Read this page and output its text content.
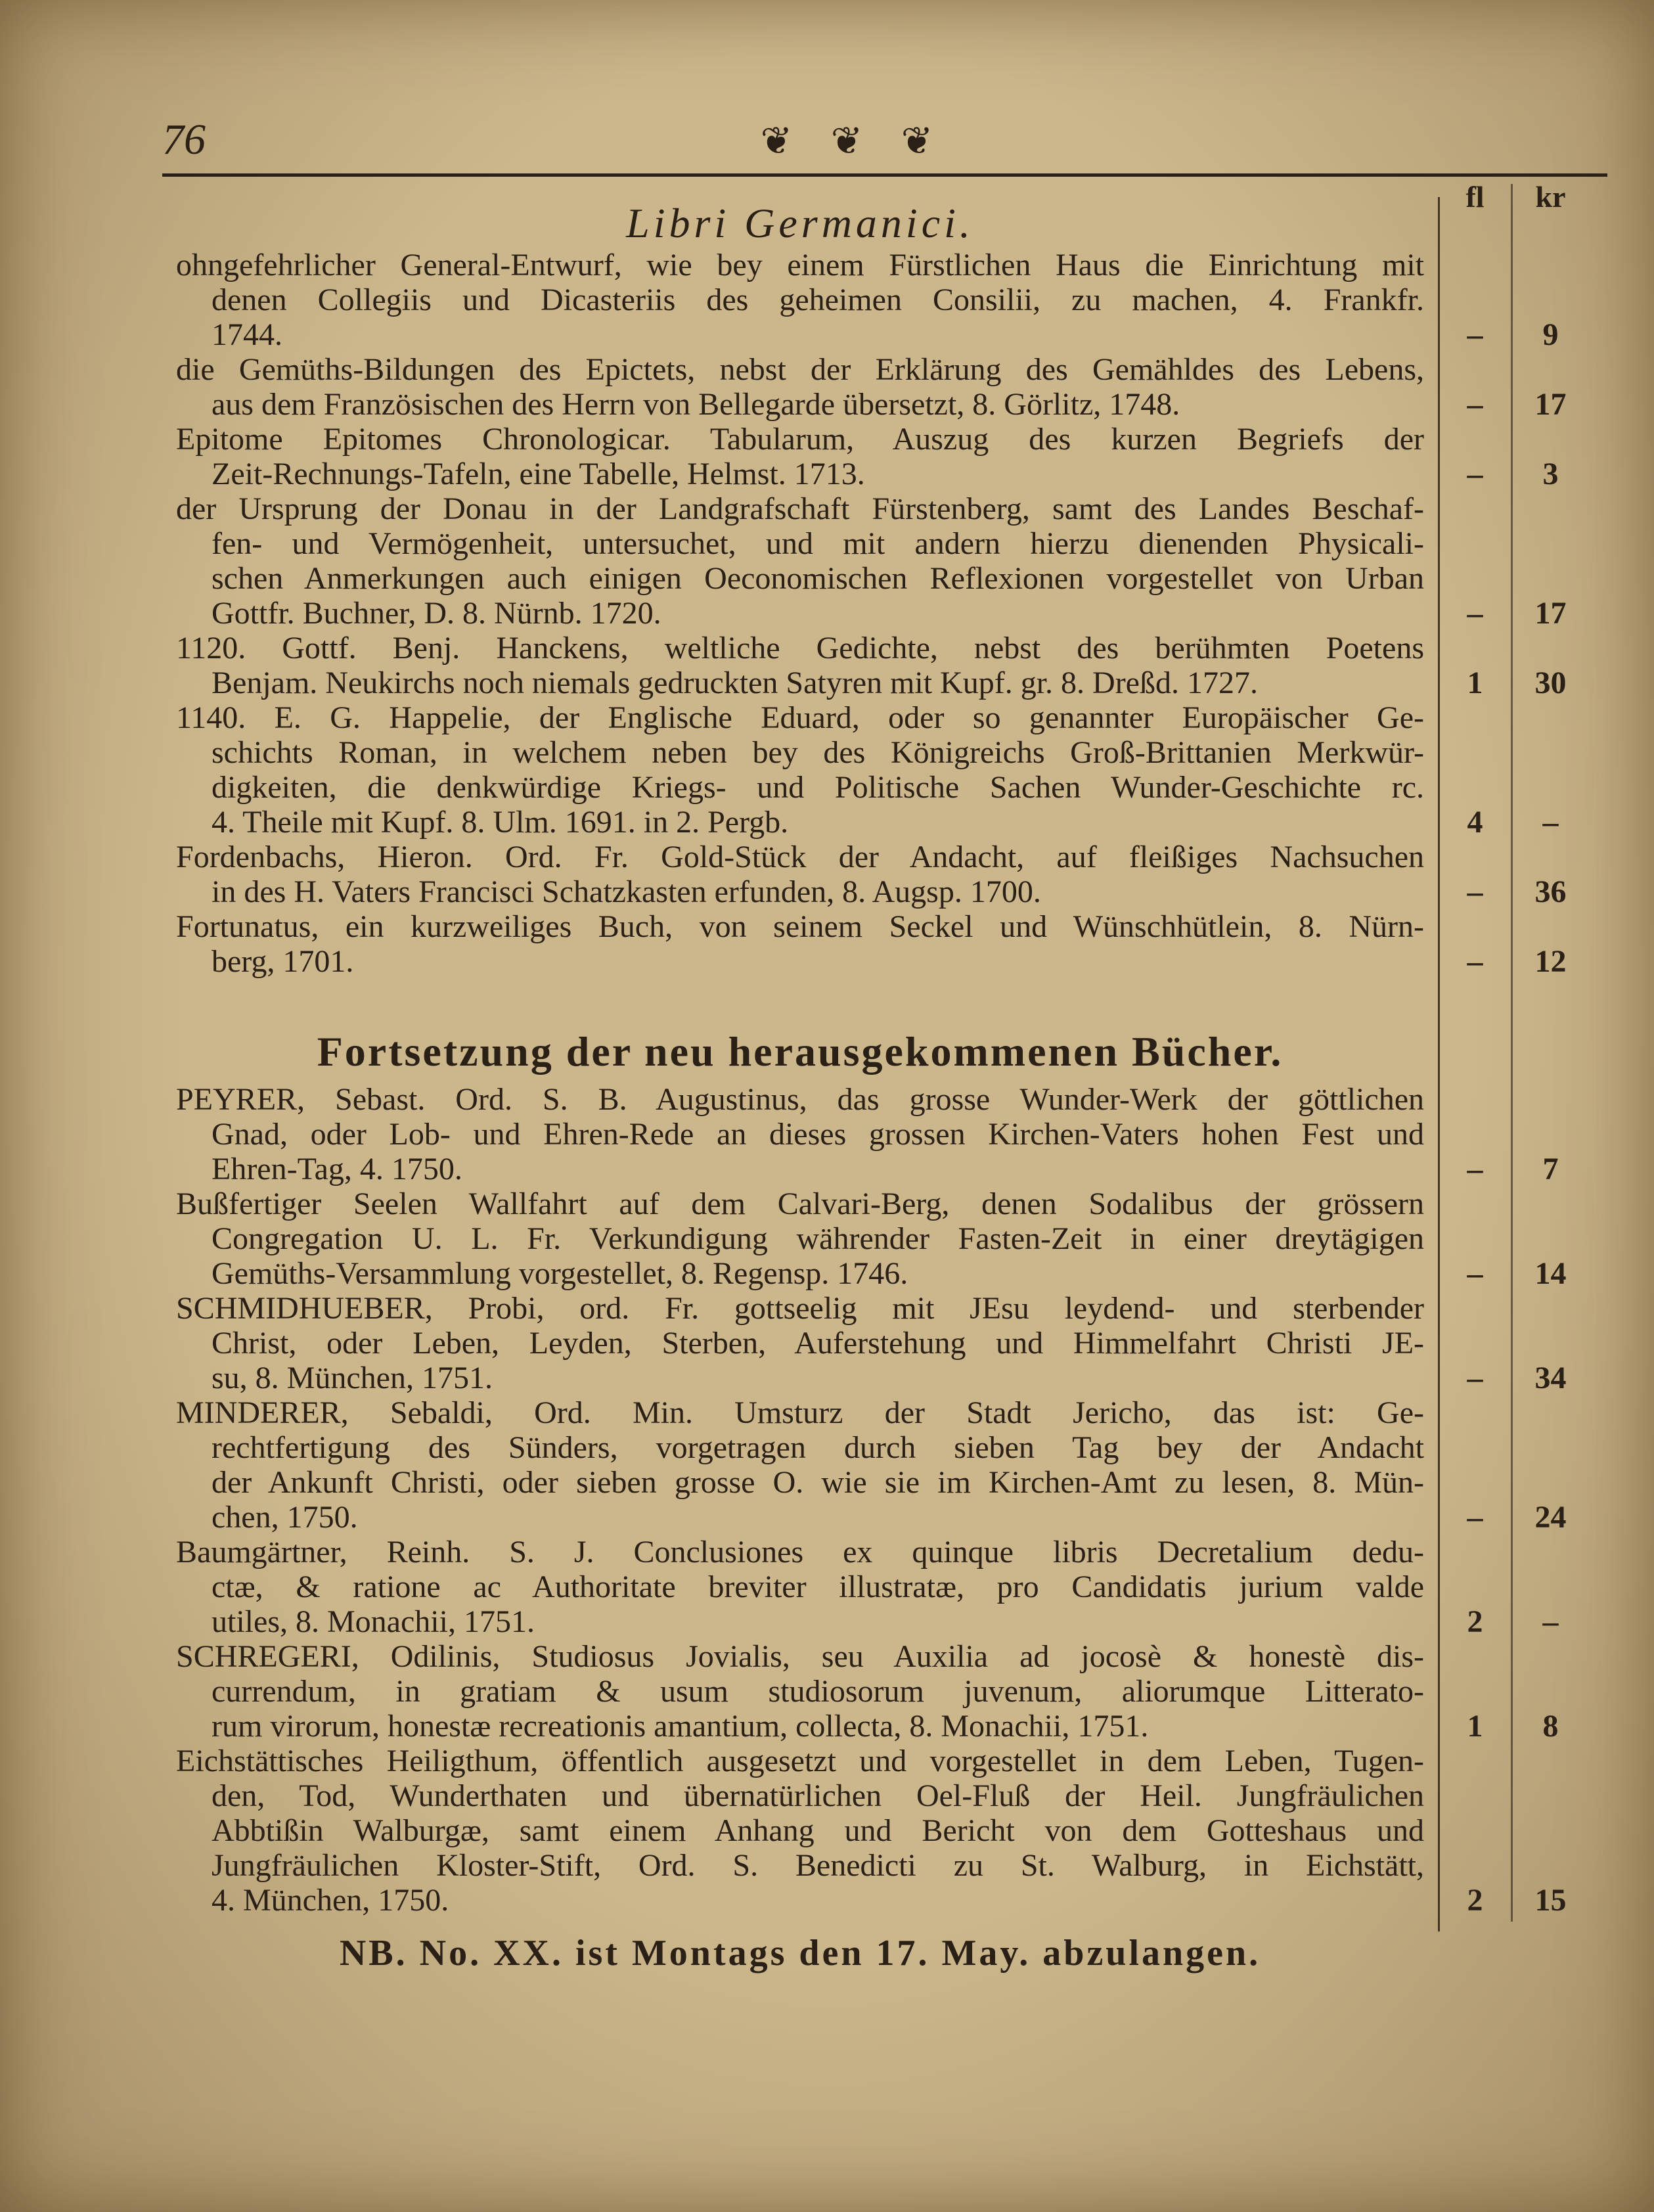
76	❦ ❦ ❦
fl	kr
Libri Germanici.
ohngefehrlicher General-Entwurf, wie bey einem Fürstlichen Haus die Einrichtung mit
denen Collegiis und Dicasteriis des geheimen Consilii, zu machen, 4. Frankfr.
1744.	–	9
die Gemüths-Bildungen des Epictets, nebst der Erklärung des Gemähldes des Lebens,
aus dem Französischen des Herrn von Bellegarde übersetzt, 8. Görlitz, 1748.	–	17
Epitome Epitomes Chronologicar. Tabularum, Auszug des kurzen Begriefs der
Zeit-Rechnungs-Tafeln, eine Tabelle, Helmst. 1713.	–	3
der Ursprung der Donau in der Landgrafschaft Fürstenberg, samt des Landes Beschaf-
fen- und Vermögenheit, untersuchet, und mit andern hierzu dienenden Physicali-
schen Anmerkungen auch einigen Oeconomischen Reflexionen vorgestellet von Urban
Gottfr. Buchner, D. 8. Nürnb. 1720.	–	17
1120. Gottf. Benj. Hanckens, weltliche Gedichte, nebst des berühmten Poetens
Benjam. Neukirchs noch niemals gedruckten Satyren mit Kupf. gr. 8. Dreßd. 1727.	1	30
1140. E. G. Happelie, der Englische Eduard, oder so genannter Europäischer Ge-
schichts Roman, in welchem neben bey des Königreichs Groß-Brittanien Merkwür-
digkeiten, die denkwürdige Kriegs- und Politische Sachen Wunder-Geschichte rc.
4. Theile mit Kupf. 8. Ulm. 1691. in 2. Pergb.	4	–
Fordenbachs, Hieron. Ord. Fr. Gold-Stück der Andacht, auf fleißiges Nachsuchen
in des H. Vaters Francisci Schatzkasten erfunden, 8. Augsp. 1700.	–	36
Fortunatus, ein kurzweiliges Buch, von seinem Seckel und Wünschhütlein, 8. Nürn-
berg, 1701.	–	12
Fortsetzung der neu herausgekommenen Bücher.
PEYRER, Sebast. Ord. S. B. Augustinus, das grosse Wunder-Werk der göttlichen
Gnad, oder Lob- und Ehren-Rede an dieses grossen Kirchen-Vaters hohen Fest und
Ehren-Tag, 4. 1750.	–	7
Bußfertiger Seelen Wallfahrt auf dem Calvari-Berg, denen Sodalibus der grössern
Congregation U. L. Fr. Verkundigung währender Fasten-Zeit in einer dreytägigen
Gemüths-Versammlung vorgestellet, 8. Regensp. 1746.	–	14
SCHMIDHUEBER, Probi, ord. Fr. gottseelig mit JEsu leydend- und sterbender
Christ, oder Leben, Leyden, Sterben, Auferstehung und Himmelfahrt Christi JE-
su, 8. München, 1751.	–	34
MINDERER, Sebaldi, Ord. Min. Umsturz der Stadt Jericho, das ist: Ge-
rechtfertigung des Sünders, vorgetragen durch sieben Tag bey der Andacht
der Ankunft Christi, oder sieben grosse O. wie sie im Kirchen-Amt zu lesen, 8. Mün-
chen, 1750.	–	24
Baumgärtner, Reinh. S. J. Conclusiones ex quinque libris Decretalium dedu-
ctæ, & ratione ac Authoritate breviter illustratæ, pro Candidatis jurium valde
utiles, 8. Monachii, 1751.	2	–
SCHREGERI, Odilinis, Studiosus Jovialis, seu Auxilia ad jocosè & honestè dis-
currendum, in gratiam & usum studiosorum juvenum, aliorumque Litterato-
rum virorum, honestæ recreationis amantium, collecta, 8. Monachii, 1751.	1	8
Eichstättisches Heiligthum, öffentlich ausgesetzt und vorgestellet in dem Leben, Tugen-
den, Tod, Wunderthaten und übernatürlichen Oel-Fluß der Heil. Jungfräulichen
Abbtißin Walburgæ, samt einem Anhang und Bericht von dem Gotteshaus und
Jungfräulichen Kloster-Stift, Ord. S. Benedicti zu St. Walburg, in Eichstätt,
4. München, 1750.	2	15
NB. No. XX. ist Montags den 17. May. abzulangen.
